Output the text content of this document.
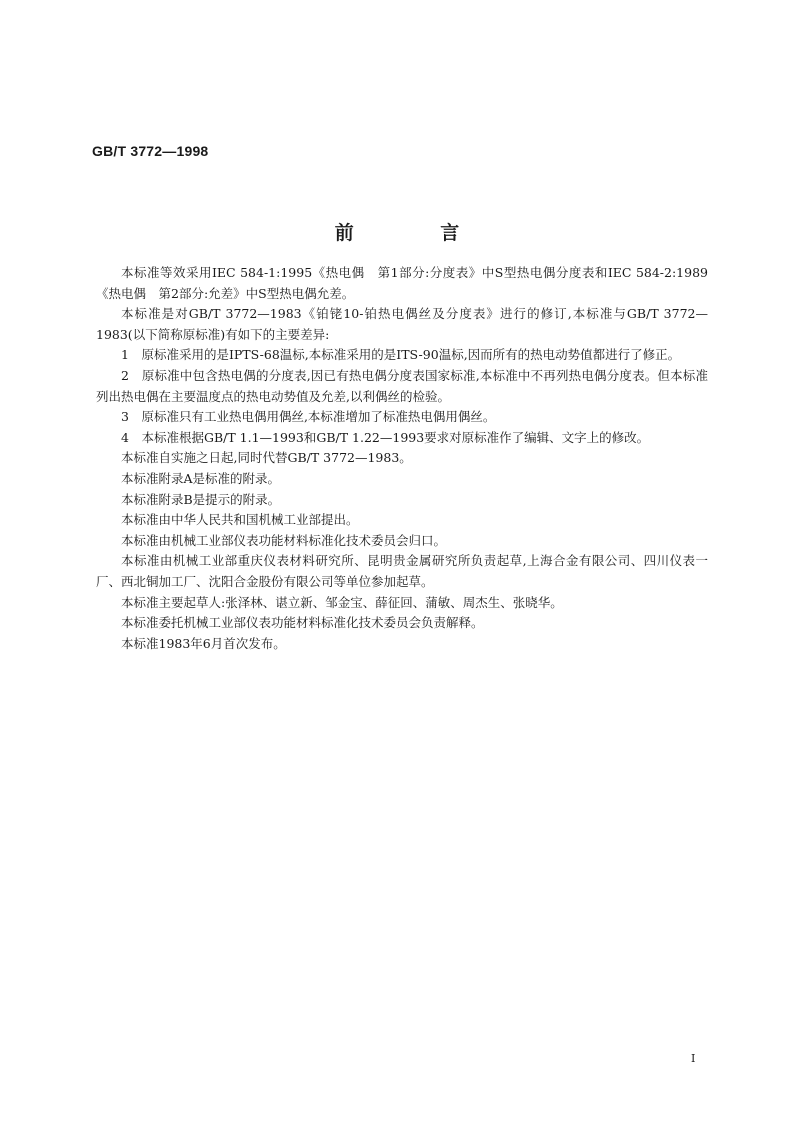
GB/T 3772—1998
前 言

本标准等效采用IEC 584-1:1995《热电偶　第1部分:分度表》中S型热电偶分度表和IEC 584-2:1989《热电偶　第2部分:允差》中S型热电偶允差。

本标准是对GB/T 3772—1983《铂铑10-铂热电偶丝及分度表》进行的修订,本标准与GB/T 3772—1983(以下简称原标准)有如下的主要差异:

1　原标准采用的是IPTS-68温标,本标准采用的是ITS-90温标,因而所有的热电动势值都进行了修正。

2　原标准中包含热电偶的分度表,因已有热电偶分度表国家标准,本标准中不再列热电偶分度表。但本标准列出热电偶在主要温度点的热电动势值及允差,以利偶丝的检验。

3　原标准只有工业热电偶用偶丝,本标准增加了标准热电偶用偶丝。

4　本标准根据GB/T 1.1—1993和GB/T 1.22—1993要求对原标准作了编辑、文字上的修改。

本标准自实施之日起,同时代替GB/T 3772—1983。

本标准附录A是标准的附录。

本标准附录B是提示的附录。

本标准由中华人民共和国机械工业部提出。

本标准由机械工业部仪表功能材料标准化技术委员会归口。

本标准由机械工业部重庆仪表材料研究所、昆明贵金属研究所负责起草,上海合金有限公司、四川仪表一厂、西北铜加工厂、沈阳合金股份有限公司等单位参加起草。

本标准主要起草人:张泽林、谌立新、邹金宝、薛征回、蒲敏、周杰生、张晓华。

本标准委托机械工业部仪表功能材料标准化技术委员会负责解释。

本标准1983年6月首次发布。

I
